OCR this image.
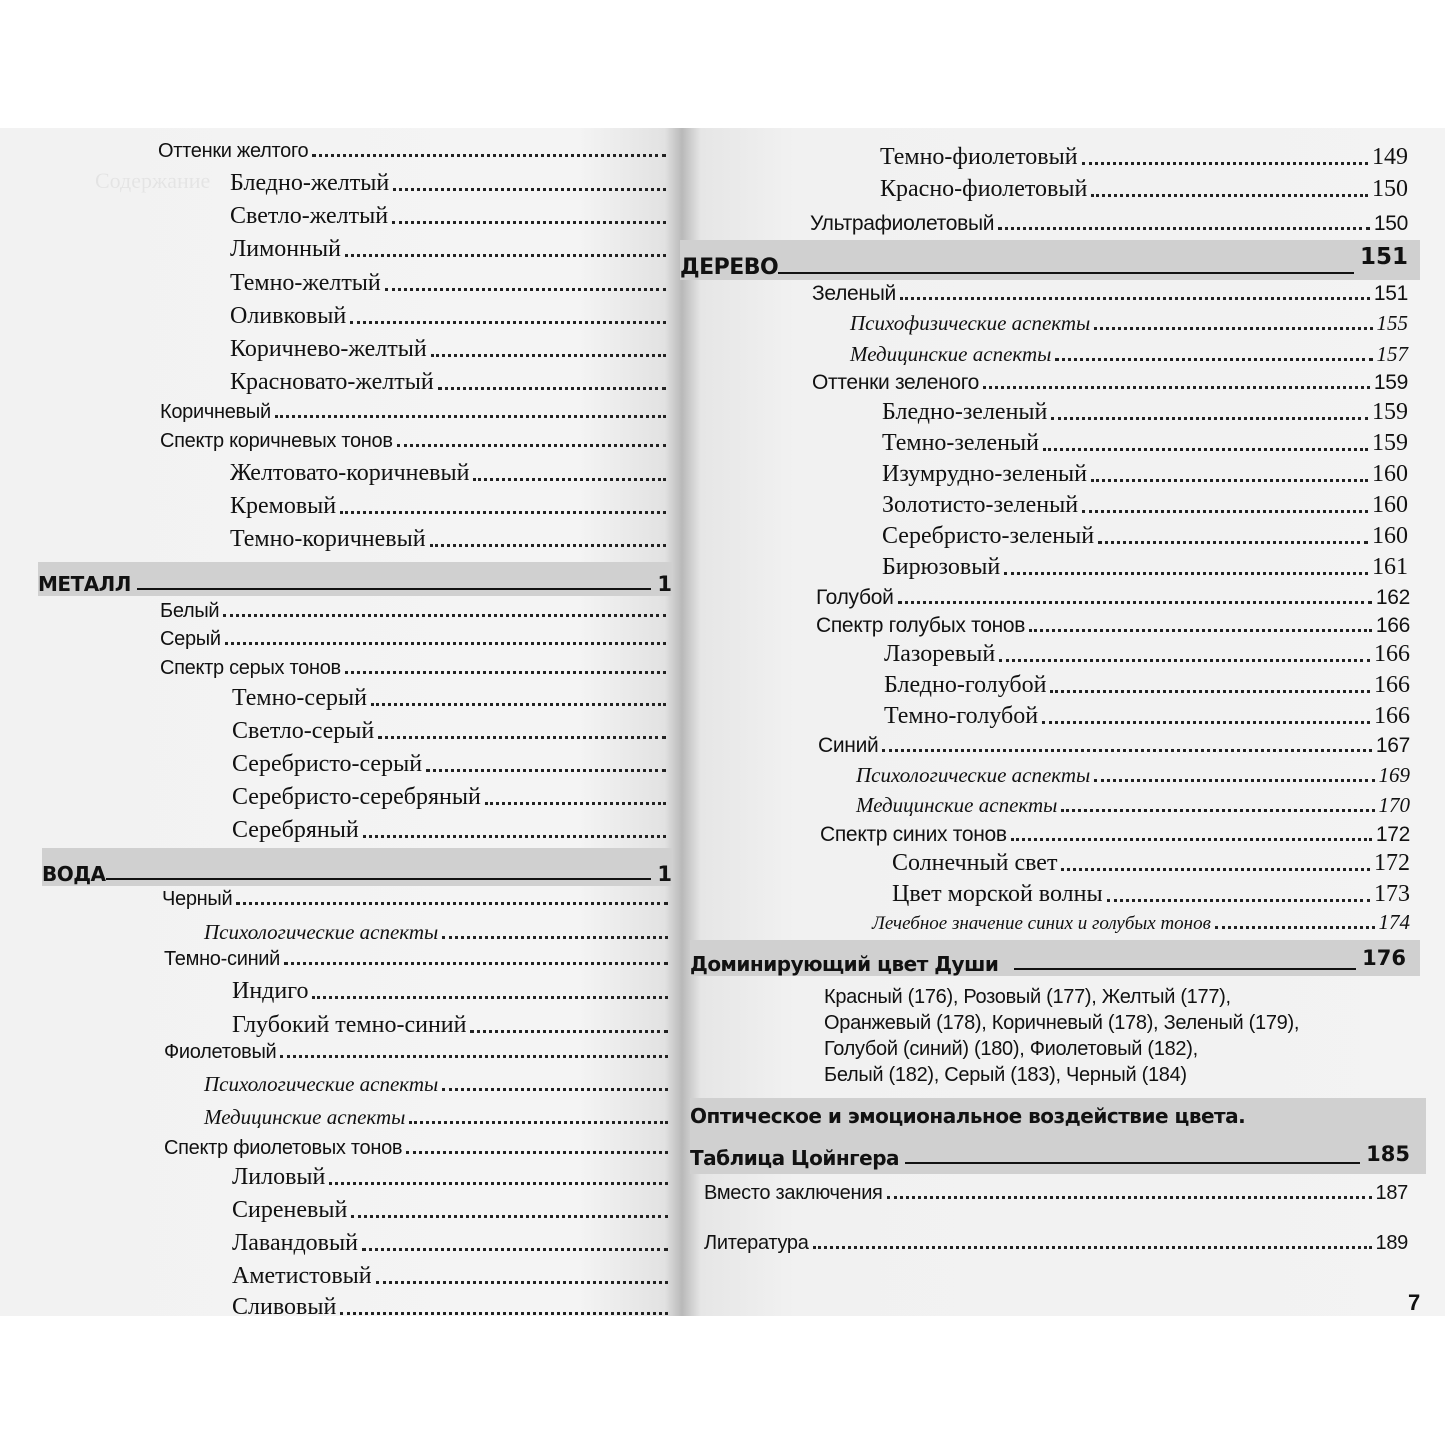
Содержание
Оттенки желтого
Бледно-желтый
Светло-желтый
Лимонный
Темно-желтый
Оливковый
Коричнево-желтый
Красновато-желтый
Коричневый
Спектр коричневых тонов
Желтовато-коричневый
Кремовый
Темно-коричневый
МЕТАЛЛ	1
Белый
Серый
Спектр серых тонов
Темно-серый
Светло-серый
Серебристо-серый
Серебристо-серебряный
Серебряный
ВОДА	1
Черный
Психологические аспекты
Темно-синий
Индиго
Глубокий темно-синий
Фиолетовый
Психологические аспекты
Медицинские аспекты
Спектр фиолетовых тонов
Лиловый
Сиреневый
Лавандовый
Аметистовый
Сливовый
Темно-фиолетовый	149
Красно-фиолетовый	150
Ультрафиолетовый	150
ДЕРЕВО	151
Зеленый	151
Психофизические аспекты	155
Медицинские аспекты	157
Оттенки зеленого	159
Бледно-зеленый	159
Темно-зеленый	159
Изумрудно-зеленый	160
Золотисто-зеленый	160
Серебристо-зеленый	160
Бирюзовый	161
Голубой	162
Спектр голубых тонов	166
Лазоревый	166
Бледно-голубой	166
Темно-голубой	166
Синий	167
Психологические аспекты	169
Медицинские аспекты	170
Спектр синих тонов	172
Солнечный свет	172
Цвет морской волны	173
Лечебное значение синих и голубых тонов	174
Доминирующий цвет Души	176
Красный (176), Розовый (177), Желтый (177),
Оранжевый (178), Коричневый (178), Зеленый (179),
Голубой (синий) (180), Фиолетовый (182),
Белый (182), Серый (183), Черный (184)
Оптическое и эмоциональное воздействие цвета.
Таблица Цойнгера	185
Вместо заключения	187
Литература	189
7
